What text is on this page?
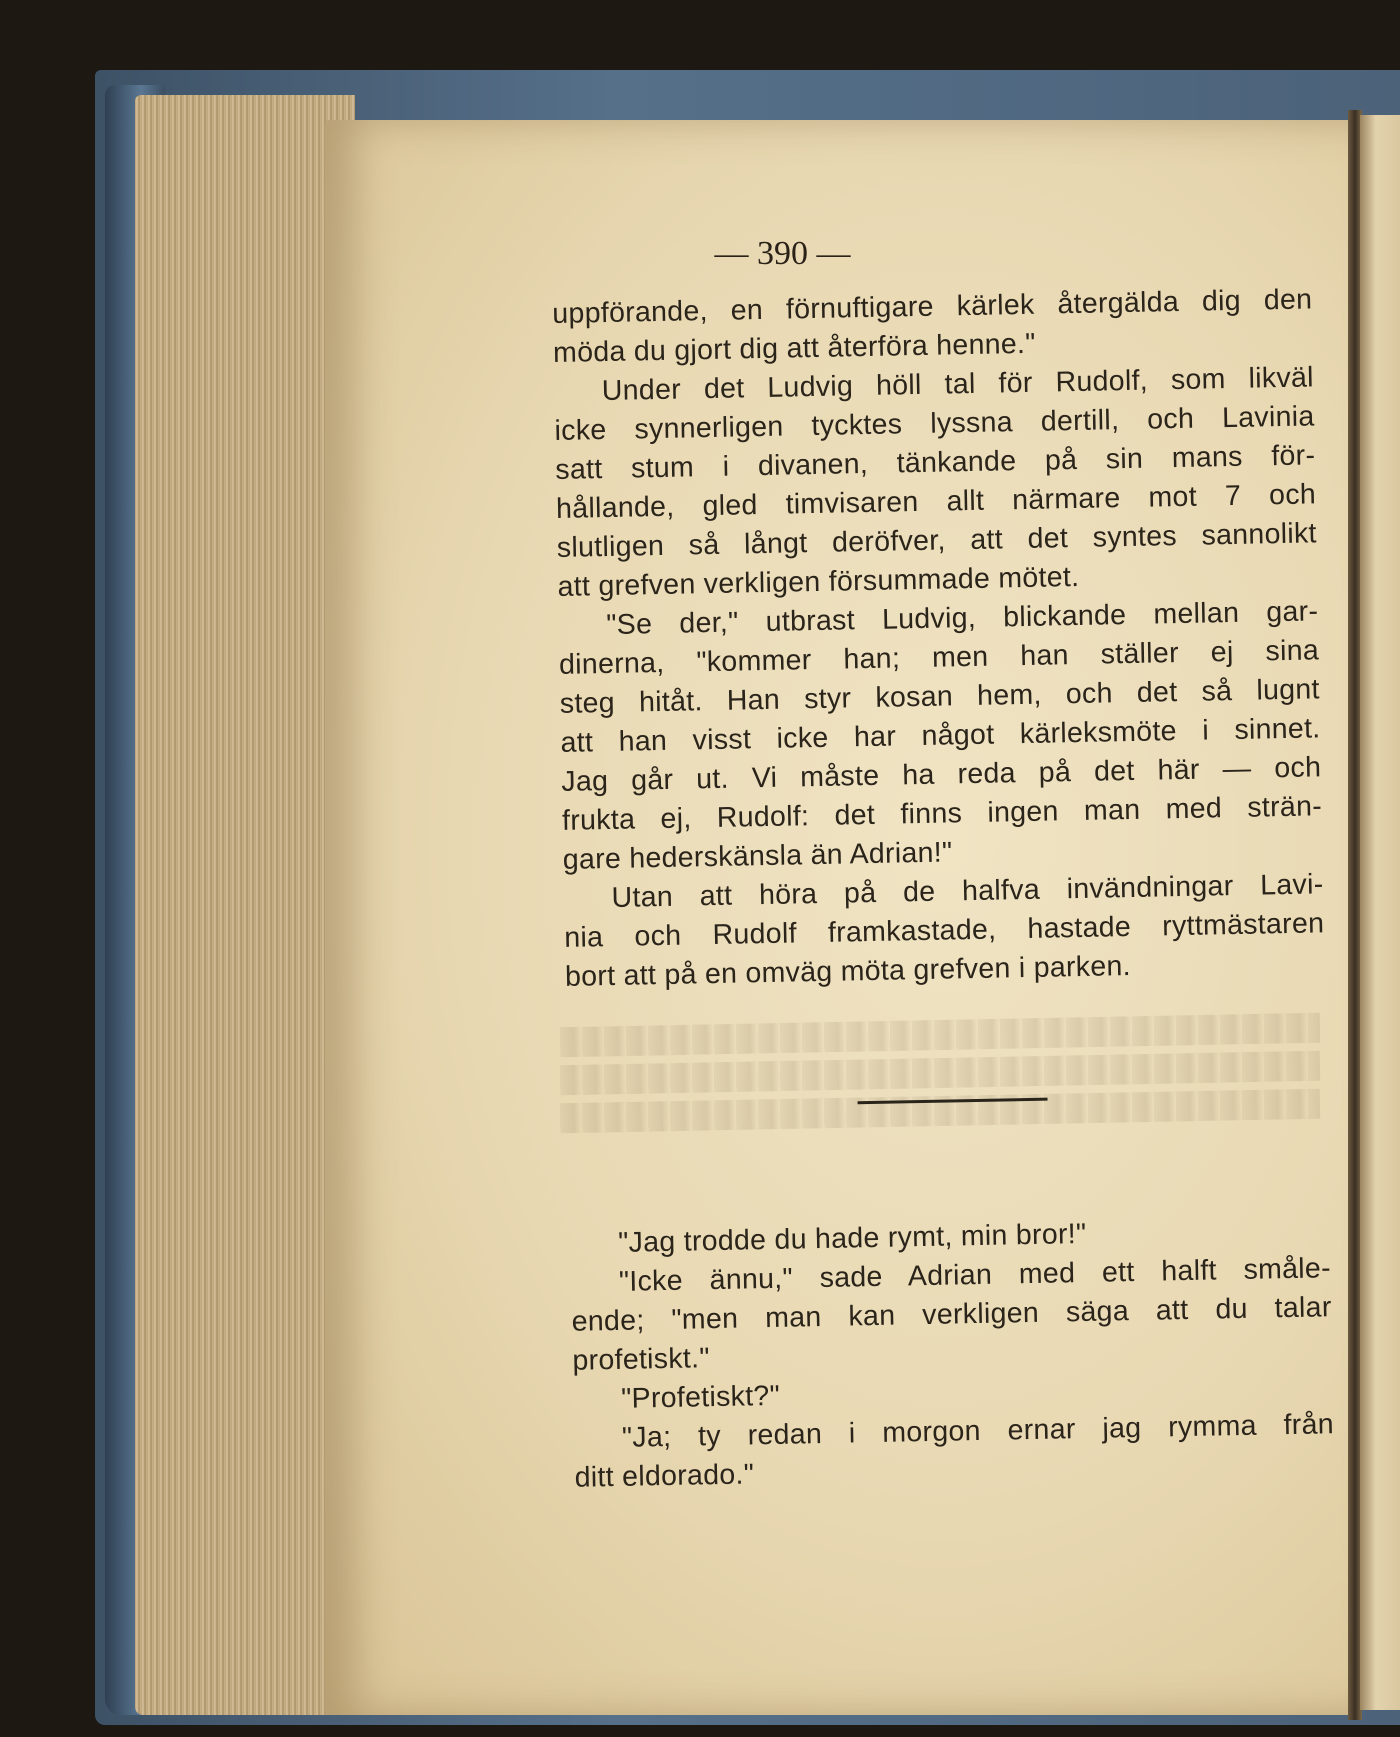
— 390 —
uppförande, en förnuftigare kärlek återgälda dig den
möda du gjort dig att återföra henne."
Under det Ludvig höll tal för Rudolf, som likväl
icke synnerligen tycktes lyssna dertill, och Lavinia
satt stum i divanen, tänkande på sin mans för-
hållande, gled timvisaren allt närmare mot 7 och
slutligen så långt deröfver, att det syntes sannolikt
att grefven verkligen försummade mötet.
"Se der," utbrast Ludvig, blickande mellan gar-
dinerna, "kommer han; men han ställer ej sina
steg hitåt. Han styr kosan hem, och det så lugnt
att han visst icke har något kärleksmöte i sinnet.
Jag går ut. Vi måste ha reda på det här — och
frukta ej, Rudolf: det finns ingen man med strän-
gare hederskänsla än Adrian!"
Utan att höra på de halfva invändningar Lavi-
nia och Rudolf framkastade, hastade ryttmästaren
bort att på en omväg möta grefven i parken.
"Jag trodde du hade rymt, min bror!"
"Icke ännu," sade Adrian med ett halft småle-
ende; "men man kan verkligen säga att du talar
profetiskt."
"Profetiskt?"
"Ja; ty redan i morgon ernar jag rymma från
ditt eldorado."
